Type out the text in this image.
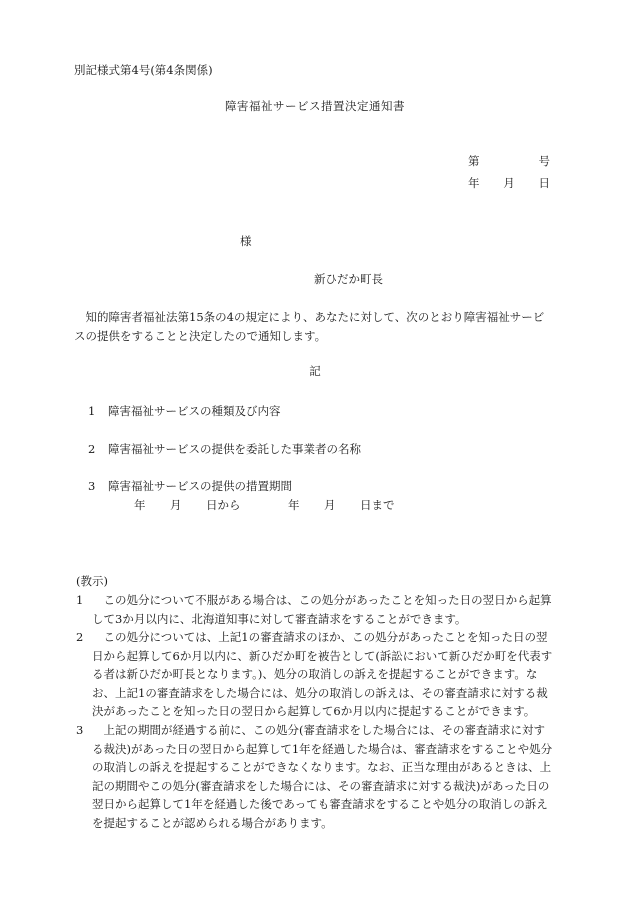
別記様式第4号(第4条関係)
障害福祉サービス措置決定通知書
第	号
年 月 日
様
新ひだか町長
知的障害者福祉法第15条の4の規定により、あなたに対して、次のとおり障害福祉サービスの提供をすることと決定したので通知します。
記
1 障害福祉サービスの種類及び内容
2 障害福祉サービスの提供を委託した事業者の名称
3 障害福祉サービスの提供の措置期間
年	月	日から	年	月	日まで
(教示)
1	この処分について不服がある場合は、この処分があったことを知った日の翌日から起算して3か月以内に、北海道知事に対して審査請求をすることができます。
2	この処分については、上記1の審査請求のほか、この処分があったことを知った日の翌日から起算して6か月以内に、新ひだか町を被告として(訴訟において新ひだか町を代表する者は新ひだか町長となります。)、処分の取消しの訴えを提起することができます。なお、上記1の審査請求をした場合には、処分の取消しの訴えは、その審査請求に対する裁決があったことを知った日の翌日から起算して6か月以内に提起することができます。
3	上記の期間が経過する前に、この処分(審査請求をした場合には、その審査請求に対する裁決)があった日の翌日から起算して1年を経過した場合は、審査請求をすることや処分の取消しの訴えを提起することができなくなります。なお、正当な理由があるときは、上記の期間やこの処分(審査請求をした場合には、その審査請求に対する裁決)があった日の翌日から起算して1年を経過した後であっても審査請求をすることや処分の取消しの訴えを提起することが認められる場合があります。
